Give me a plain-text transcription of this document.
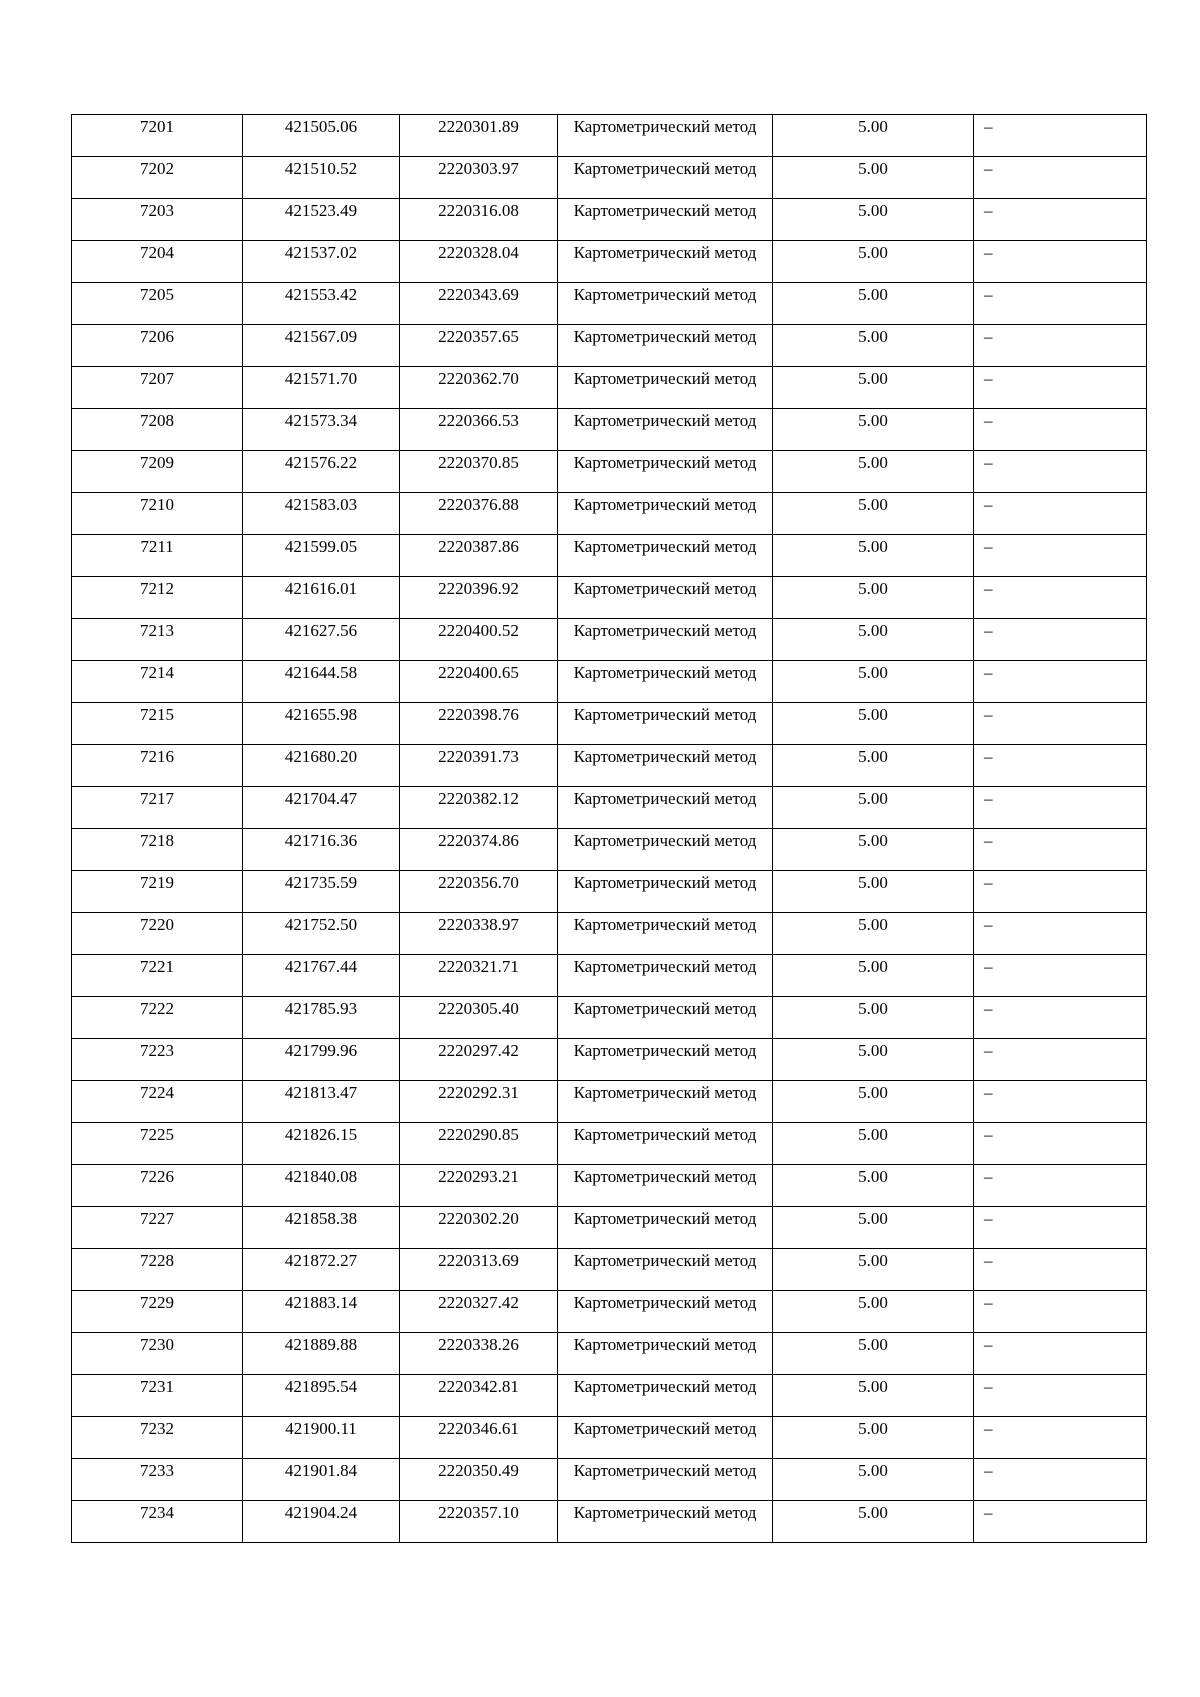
7201	421505.06	2220301.89	Картометрический метод	5.00	–

7202	421510.52	2220303.97	Картометрический метод	5.00	–

7203	421523.49	2220316.08	Картометрический метод	5.00	–

7204	421537.02	2220328.04	Картометрический метод	5.00	–

7205	421553.42	2220343.69	Картометрический метод	5.00	–

7206	421567.09	2220357.65	Картометрический метод	5.00	–

7207	421571.70	2220362.70	Картометрический метод	5.00	–

7208	421573.34	2220366.53	Картометрический метод	5.00	–

7209	421576.22	2220370.85	Картометрический метод	5.00	–

7210	421583.03	2220376.88	Картометрический метод	5.00	–

7211	421599.05	2220387.86	Картометрический метод	5.00	–

7212	421616.01	2220396.92	Картометрический метод	5.00	–

7213	421627.56	2220400.52	Картометрический метод	5.00	–

7214	421644.58	2220400.65	Картометрический метод	5.00	–

7215	421655.98	2220398.76	Картометрический метод	5.00	–

7216	421680.20	2220391.73	Картометрический метод	5.00	–

7217	421704.47	2220382.12	Картометрический метод	5.00	–

7218	421716.36	2220374.86	Картометрический метод	5.00	–

7219	421735.59	2220356.70	Картометрический метод	5.00	–

7220	421752.50	2220338.97	Картометрический метод	5.00	–

7221	421767.44	2220321.71	Картометрический метод	5.00	–

7222	421785.93	2220305.40	Картометрический метод	5.00	–

7223	421799.96	2220297.42	Картометрический метод	5.00	–

7224	421813.47	2220292.31	Картометрический метод	5.00	–

7225	421826.15	2220290.85	Картометрический метод	5.00	–

7226	421840.08	2220293.21	Картометрический метод	5.00	–

7227	421858.38	2220302.20	Картометрический метод	5.00	–

7228	421872.27	2220313.69	Картометрический метод	5.00	–

7229	421883.14	2220327.42	Картометрический метод	5.00	–

7230	421889.88	2220338.26	Картометрический метод	5.00	–

7231	421895.54	2220342.81	Картометрический метод	5.00	–

7232	421900.11	2220346.61	Картометрический метод	5.00	–

7233	421901.84	2220350.49	Картометрический метод	5.00	–

7234	421904.24	2220357.10	Картометрический метод	5.00	–
